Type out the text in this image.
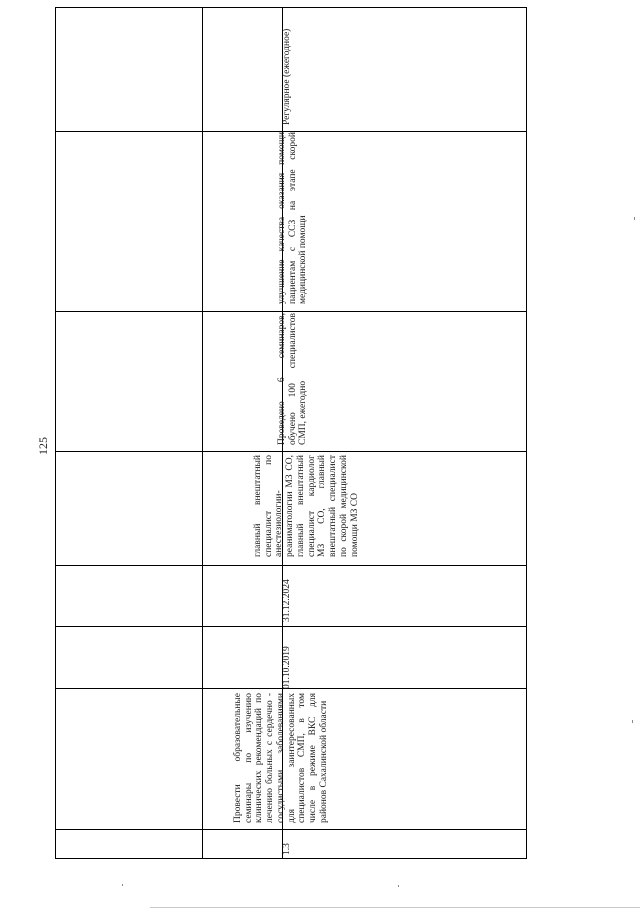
125
1.3
Провести образовательные семинары по изучению клинических рекомендаций по лечению больных с сердечно - сосудистыми заболеваниями для заинтересованных специалистов СМП, в том числе в режиме ВКС для районов Сахалинской области
01.10.2019
31.12.2024
главный внештатный специалист по анестезиологии-реаниматологии МЗ СО, главный внештатный специалист кардиолог МЗ СО, главный внештатный специалист по скорой медицинской помощи МЗ СО
Проведено 6 семинаров, обучено 100 специалистов СМП, ежегодно
улучшение качества оказания помощи пациентам с ССЗ на этапе скорой медицинской помощи
Регулярное (ежегодное)
